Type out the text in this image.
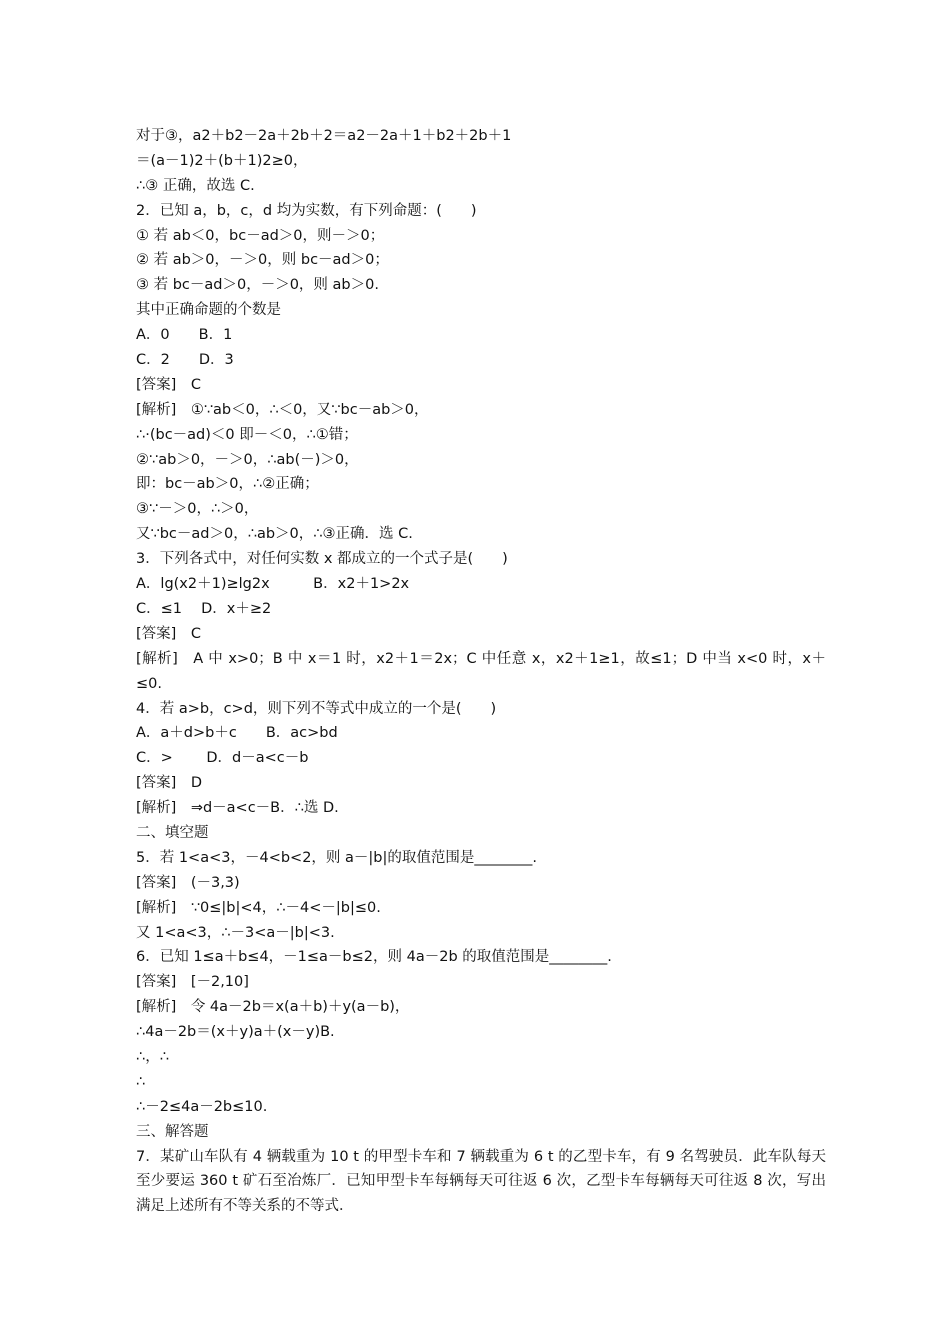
对于③，a2＋b2－2a＋2b＋2＝a2－2a＋1＋b2＋2b＋1
＝(a－1)2＋(b＋1)2≥0，
∴③ 正确，故选 C.
2．已知 a，b，c，d 均为实数，有下列命题：(　　)
① 若 ab＜0，bc－ad＞0，则－＞0；
② 若 ab＞0，－＞0，则 bc－ad＞0；
③ 若 bc－ad＞0，－＞0，则 ab＞0.
其中正确命题的个数是
A．0　　B．1
C．2　　D．3
[答案]　C
[解析]　①∵ab＜0，∴＜0，又∵bc－ab＞0，
∴·(bc－ad)＜0 即－＜0，∴①错；
②∵ab＞0，－＞0，∴ab(－)＞0，
即：bc－ab＞0，∴②正确；
③∵－＞0，∴＞0，
又∵bc－ad＞0，∴ab＞0，∴③正确．选 C.
3．下列各式中，对任何实数 x 都成立的一个式子是(　　)
A．lg(x2＋1)≥lg2x　　　B．x2＋1>2x
C．≤1　 D．x＋≥2
[答案]　C
[解析]　A 中 x>0；B 中 x＝1 时，x2＋1＝2x；C 中任意 x，x2＋1≥1，故≤1；D 中当 x<0 时，x＋≤0.
4．若 a>b，c>d，则下列不等式中成立的一个是(　　)
A．a＋d>b＋c　　B．ac>bd
C．>　　 D．d－a<c－b
[答案]　D
[解析]　⇒d－a<c－B．∴选 D.
二、填空题
5．若 1<a<3，－4<b<2，则 a－|b|的取值范围是________.
[答案]　(－3,3)
[解析]　∵0≤|b|<4，∴－4<－|b|≤0.
又 1<a<3，∴－3<a－|b|<3.
6．已知 1≤a＋b≤4，－1≤a－b≤2，则 4a－2b 的取值范围是________.
[答案]　[－2,10]
[解析]　令 4a－2b＝x(a＋b)＋y(a－b)，
∴4a－2b＝(x＋y)a＋(x－y)B.
∴，∴
∴
∴－2≤4a－2b≤10.
三、解答题
7．某矿山车队有 4 辆载重为 10 t 的甲型卡车和 7 辆载重为 6 t 的乙型卡车，有 9 名驾驶员．此车队每天至少要运 360 t 矿石至冶炼厂．已知甲型卡车每辆每天可往返 6 次，乙型卡车每辆每天可往返 8 次，写出满足上述所有不等关系的不等式．
